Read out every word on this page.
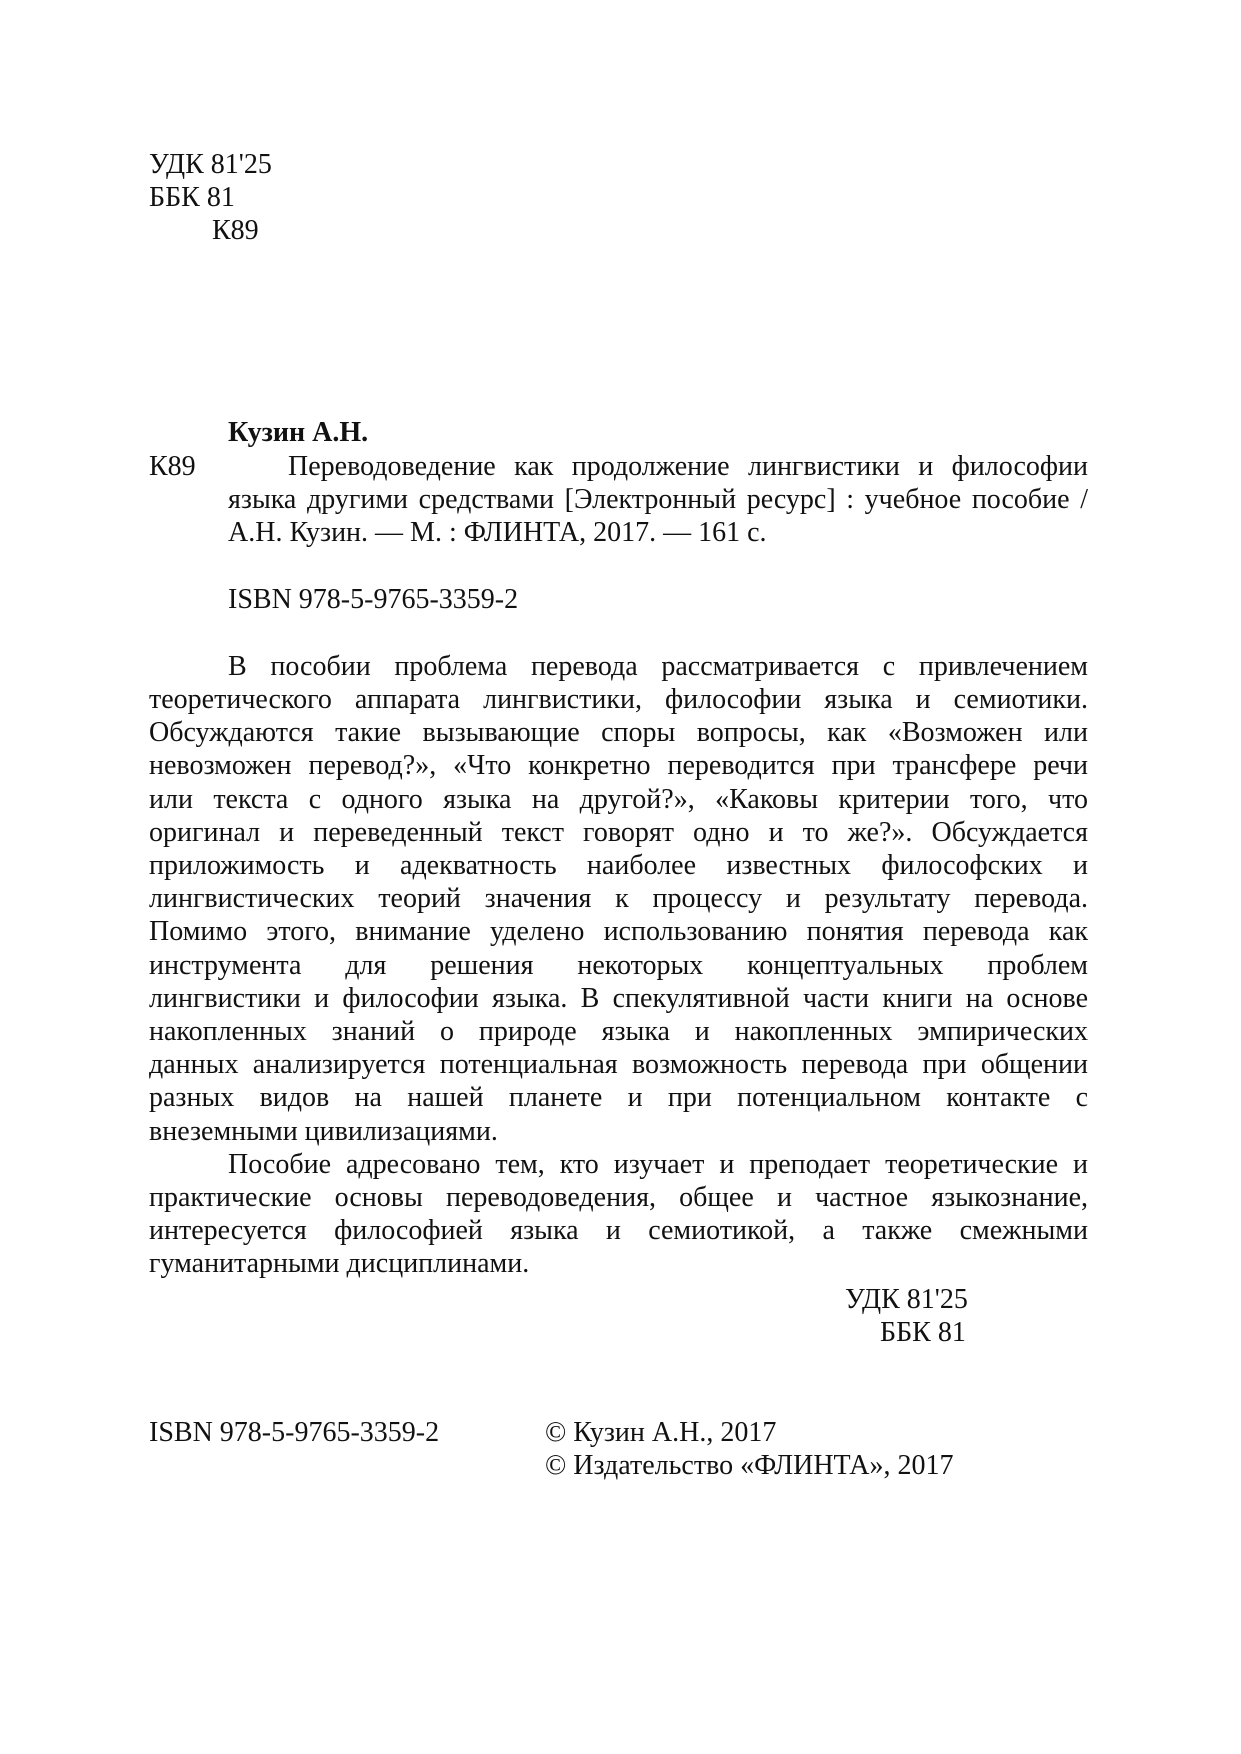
УДК 81'25
ББК 81
К89
Кузин А.Н.
К89	Переводоведение как продолжение лингвистики и философии
языка другими средствами [Электронный ресурс] : учебное пособие /
А.Н. Кузин. — М. : ФЛИНТА, 2017. — 161 с.
ISBN 978-5-9765-3359-2
В пособии проблема перевода рассматривается с привлечением
теоретического аппарата лингвистики, философии языка и семиотики.
Обсуждаются такие вызывающие споры вопросы, как «Возможен или
невозможен перевод?», «Что конкретно переводится при трансфере речи
или текста с одного языка на другой?», «Каковы критерии того, что
оригинал и переведенный текст говорят одно и то же?». Обсуждается
приложимость и адекватность наиболее известных философских и
лингвистических теорий значения к процессу и результату перевода.
Помимо этого, внимание уделено использованию понятия перевода как
инструмента для решения некоторых концептуальных проблем
лингвистики и философии языка. В спекулятивной части книги на основе
накопленных знаний о природе языка и накопленных эмпирических
данных анализируется потенциальная возможность перевода при общении
разных видов на нашей планете и при потенциальном контакте с
внеземными цивилизациями.
Пособие адресовано тем, кто изучает и преподает теоретические и
практические основы переводоведения, общее и частное языкознание,
интересуется философией языка и семиотикой, а также смежными
гуманитарными дисциплинами.
УДК 81'25
ББК 81
ISBN 978-5-9765-3359-2	© Кузин А.Н., 2017
© Издательство «ФЛИНТА», 2017
